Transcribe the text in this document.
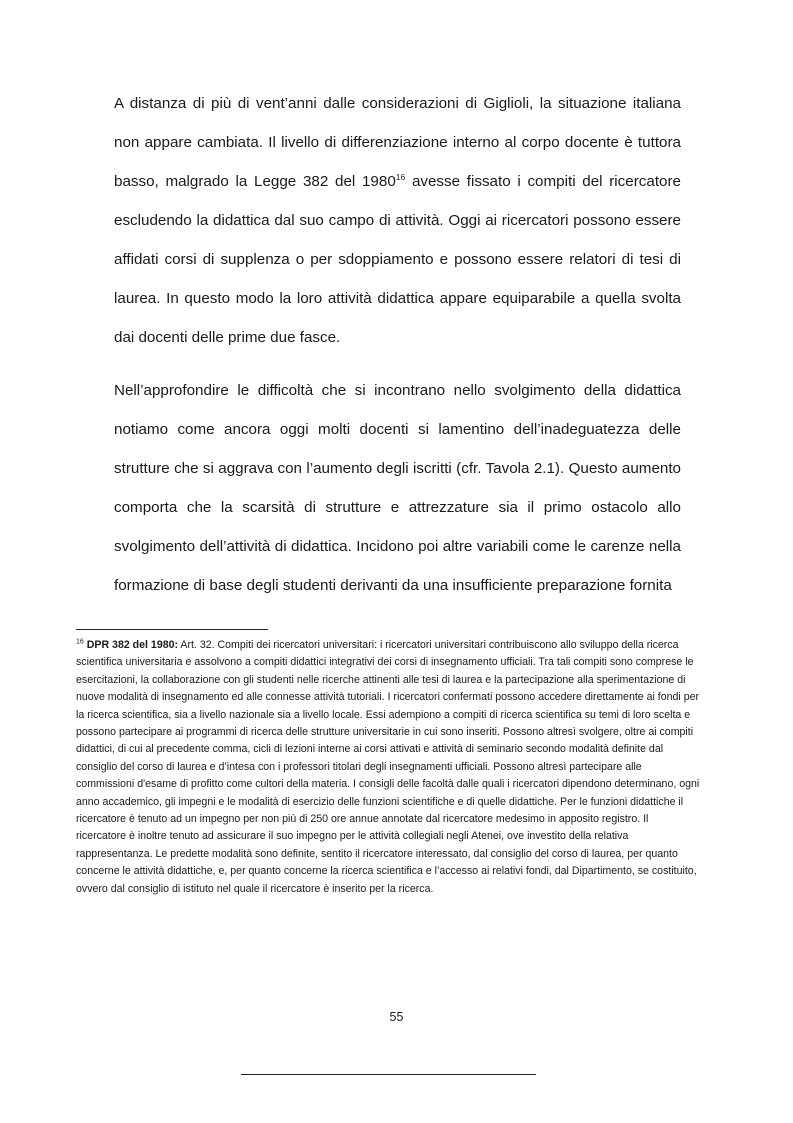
A distanza di più di vent’anni dalle considerazioni di Giglioli, la situazione italiana non appare cambiata. Il livello di differenziazione interno al corpo docente è tuttora basso, malgrado la Legge 382 del 1980$^{16}$ avesse fissato i compiti del ricercatore escludendo la didattica dal suo campo di attività. Oggi ai ricercatori possono essere affidati corsi di supplenza o per sdoppiamento e possono essere relatori di tesi di laurea. In questo modo la loro attività didattica appare equiparabile a quella svolta dai docenti delle prime due fasce.

Nell’approfondire le difficoltà che si incontrano nello svolgimento della didattica notiamo come ancora oggi molti docenti si lamentino dell’inadeguatezza delle strutture che si aggrava con l’aumento degli iscritti (cfr. Tavola 2.1). Questo aumento comporta che la scarsità di strutture e attrezzature sia il primo ostacolo allo svolgimento dell’attività di didattica. Incidono poi altre variabili come le carenze nella formazione di base degli studenti derivanti da una insufficiente preparazione fornita

$^{16}$ DPR 382 del 1980: Art. 32. Compiti dei ricercatori universitari: i ricercatori universitari contribuiscono allo sviluppo della ricerca scientifica universitaria e assolvono a compiti didattici integrativi dei corsi di insegnamento ufficiali. Tra tali compiti sono comprese le esercitazioni, la collaborazione con gli studenti nelle ricerche attinenti alle tesi di laurea e la partecipazione alla sperimentazione di nuove modalità di insegnamento ed alle connesse attività tutoriali. I ricercatori confermati possono accedere direttamente ai fondi per la ricerca scientifica, sia a livello nazionale sia a livello locale. Essi adempiono a compiti di ricerca scientifica su temi di loro scelta e possono partecipare ai programmi di ricerca delle strutture universitarie in cui sono inseriti. Possono altresì svolgere, oltre ai compiti didattici, di cui al precedente comma, cicli di lezioni interne ai corsi attivati e attività di seminario secondo modalità definite dal consiglio del corso di laurea e d’intesa con i professori titolari degli insegnamenti ufficiali. Possono altresì partecipare alle commissioni d'esame di profitto come cultori della materia. I consigli delle facoltà dalle quali i ricercatori dipendono determinano, ogni anno accademico, gli impegni e le modalità di esercizio delle funzioni scientifiche e di quelle didattiche. Per le funzioni didattiche il ricercatore è tenuto ad un impegno per non più di 250 ore annue annotate dal ricercatore medesimo in apposito registro. Il ricercatore è inoltre tenuto ad assicurare il suo impegno per le attività collegiali negli Atenei, ove investito della relativa rappresentanza. Le predette modalità sono definite, sentito il ricercatore interessato, dal consiglio del corso di laurea, per quanto concerne le attività didattiche, e, per quanto concerne la ricerca scientifica e l’accesso ai relativi fondi, dal Dipartimento, se costituito, ovvero dal consiglio di istituto nel quale il ricercatore è inserito per la ricerca.

55
